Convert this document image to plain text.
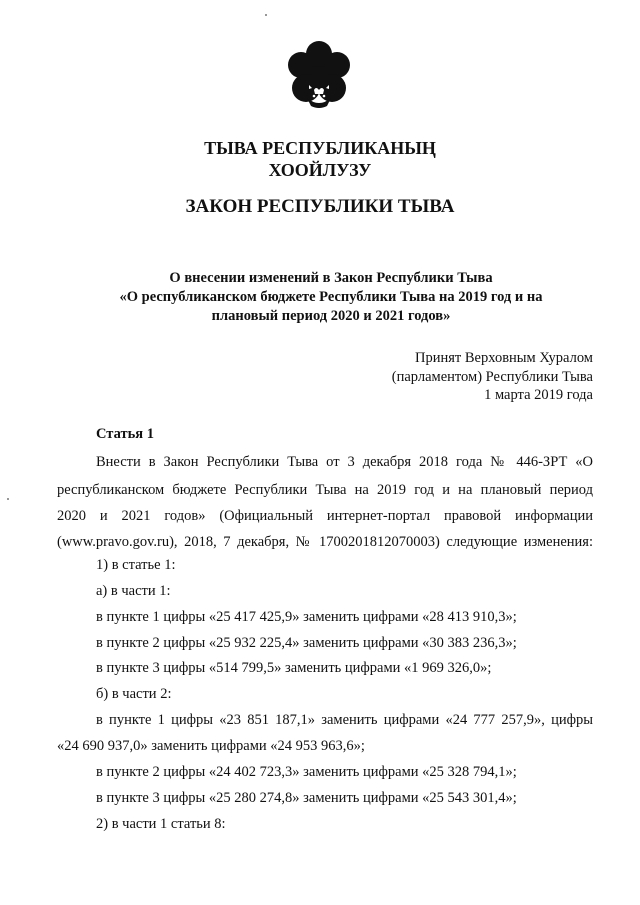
ТЫВА РЕСПУБЛИКАНЫҢ
ХООЙЛУЗУ
ЗАКОН РЕСПУБЛИКИ ТЫВА
О внесении изменений в Закон Республики Тыва
«О республиканском бюджете Республики Тыва на 2019 год и на
плановый период 2020 и 2021 годов»
Принят Верховным Хуралом
(парламентом) Республики Тыва
1 марта 2019 года
Статья 1
Внести в Закон Республики Тыва от 3 декабря 2018 года № 446-ЗРТ «О
республиканском бюджете Республики Тыва на 2019 год и на плановый период
2020 и 2021 годов» (Официальный интернет-портал правовой информации
(www.pravo.gov.ru), 2018, 7 декабря, № 1700201812070003) следующие изменения:
1) в статье 1:
а) в части 1:
в пункте 1 цифры «25 417 425,9» заменить цифрами «28 413 910,3»;
в пункте 2 цифры «25 932 225,4» заменить цифрами «30 383 236,3»;
в пункте 3 цифры «514 799,5» заменить цифрами «1 969 326,0»;
б) в части 2:
в пункте 1 цифры «23 851 187,1» заменить цифрами «24 777 257,9», цифры
«24 690 937,0» заменить цифрами «24 953 963,6»;
в пункте 2 цифры «24 402 723,3» заменить цифрами «25 328 794,1»;
в пункте 3 цифры «25 280 274,8» заменить цифрами «25 543 301,4»;
2) в части 1 статьи 8:
